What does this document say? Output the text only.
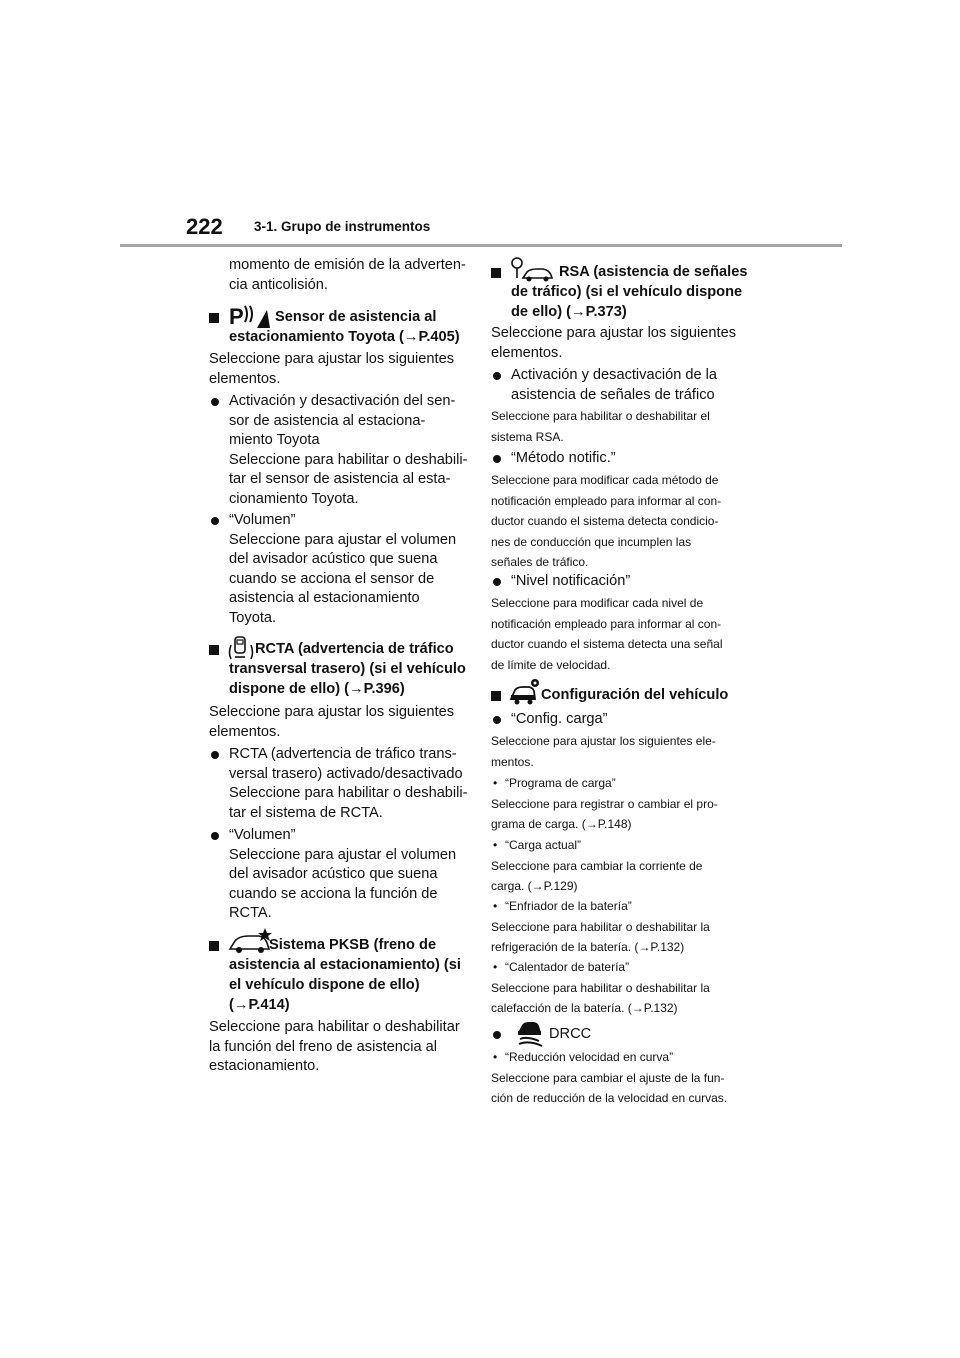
222 3-1. Grupo de instrumentos
momento de emisión de la adverten-
cia anticolisión.
P	Sensor de asistencia al
estacionamiento Toyota (→P.405)
Seleccione para ajustar los siguientes
elementos.
Activación y desactivación del sen-
sor de asistencia al estaciona-
miento Toyota
Seleccione para habilitar o deshabili-
tar el sensor de asistencia al esta-
cionamiento Toyota.
“Volumen”
Seleccione para ajustar el volumen
del avisador acústico que suena
cuando se acciona el sensor de
asistencia al estacionamiento
Toyota.
RCTA (advertencia de tráfico
transversal trasero) (si el vehículo
dispone de ello) (→P.396)
Seleccione para ajustar los siguientes
elementos.
RCTA (advertencia de tráfico trans-
versal trasero) activado/desactivado
Seleccione para habilitar o deshabili-
tar el sistema de RCTA.
“Volumen”
Seleccione para ajustar el volumen
del avisador acústico que suena
cuando se acciona la función de
RCTA.
Sistema PKSB (freno de
asistencia al estacionamiento) (si
el vehículo dispone de ello)
(→P.414)
Seleccione para habilitar o deshabilitar
la función del freno de asistencia al
estacionamiento.
RSA (asistencia de señales
de tráfico) (si el vehículo dispone
de ello) (→P.373)
Seleccione para ajustar los siguientes
elementos.
Activación y desactivación de la
asistencia de señales de tráfico
Seleccione para habilitar o deshabilitar el
sistema RSA.
“Método notific.”
Seleccione para modificar cada método de
notificación empleado para informar al con-
ductor cuando el sistema detecta condicio-
nes de conducción que incumplen las
señales de tráfico.
“Nivel notificación”
Seleccione para modificar cada nivel de
notificación empleado para informar al con-
ductor cuando el sistema detecta una señal
de límite de velocidad.
Configuración del vehículo
“Config. carga”
Seleccione para ajustar los siguientes ele-
mentos.
• “Programa de carga”
Seleccione para registrar o cambiar el pro-
grama de carga. (→P.148)
• “Carga actual”
Seleccione para cambiar la corriente de
carga. (→P.129)
• “Enfriador de la batería”
Seleccione para habilitar o deshabilitar la
refrigeración de la batería. (→P.132)
• “Calentador de batería”
Seleccione para habilitar o deshabilitar la
calefacción de la batería. (→P.132)
DRCC
• “Reducción velocidad en curva”
Seleccione para cambiar el ajuste de la fun-
ción de reducción de la velocidad en curvas.
